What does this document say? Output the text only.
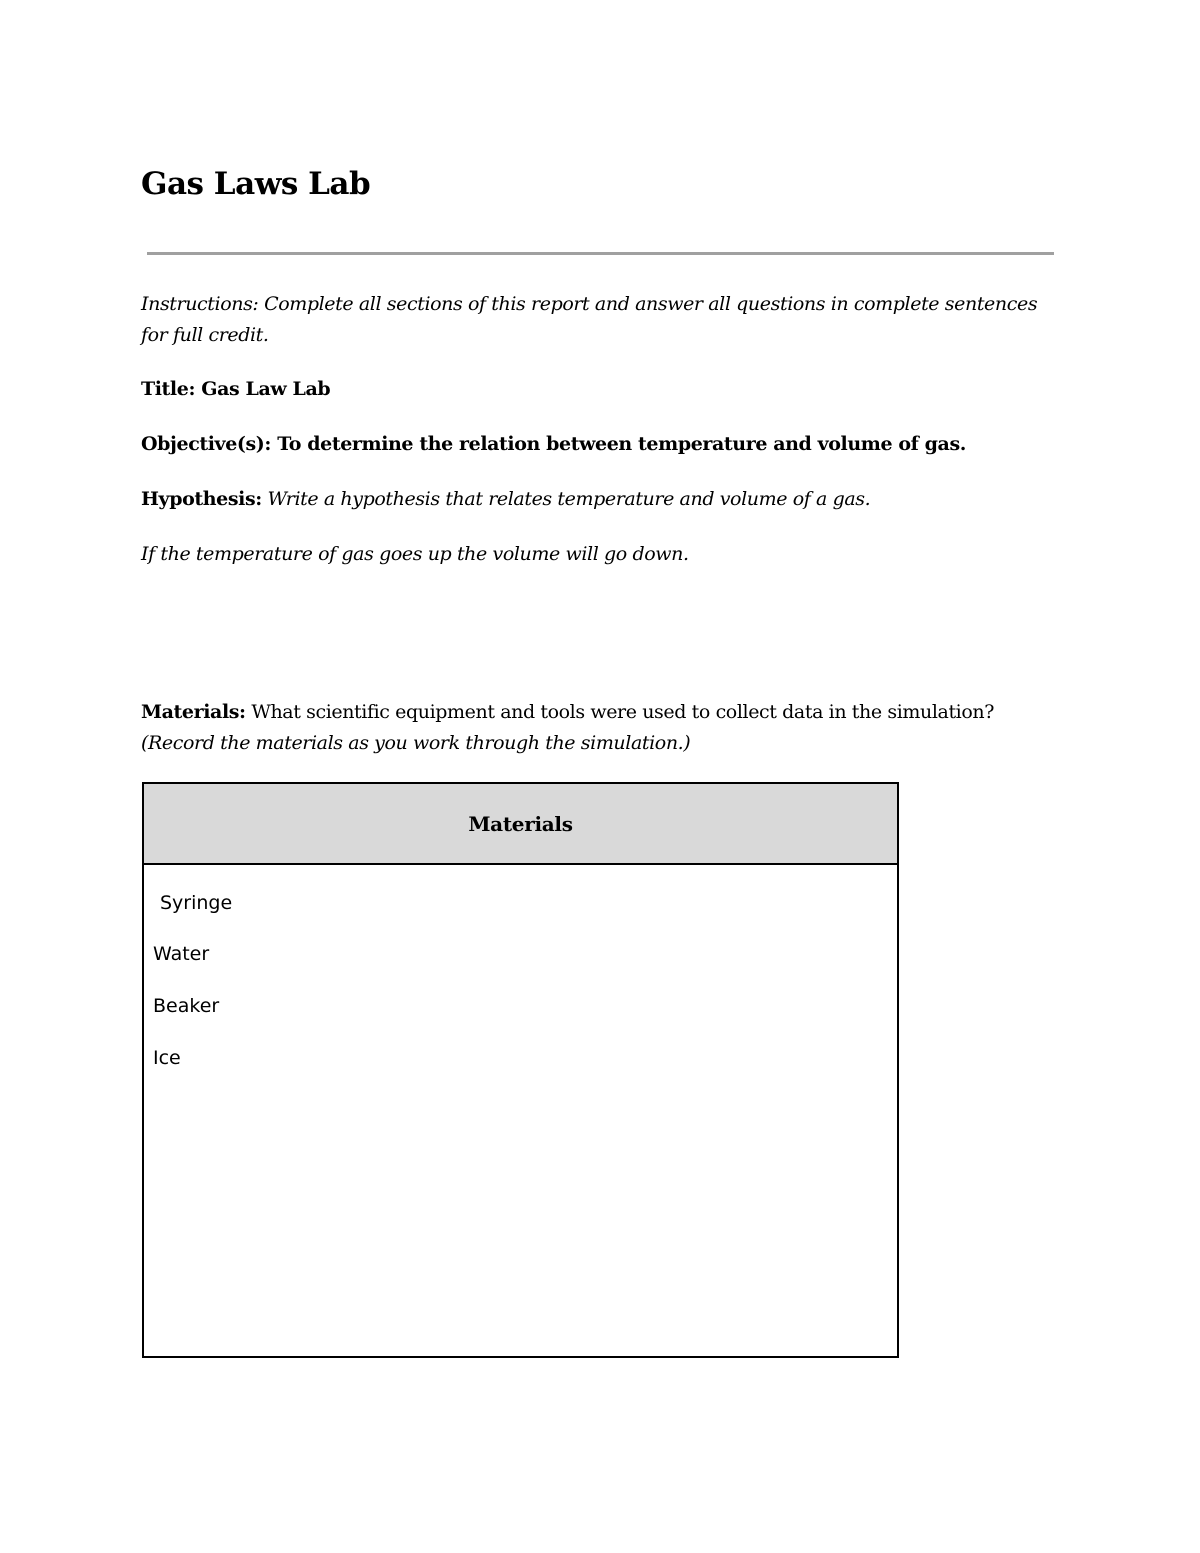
Gas Laws Lab

Instructions: Complete all sections of this report and answer all questions in complete sentences for full credit.

Title: Gas Law Lab

Objective(s): To determine the relation between temperature and volume of gas.

Hypothesis: Write a hypothesis that relates temperature and volume of a gas.

If the temperature of gas goes up the volume will go down.

Materials: What scientific equipment and tools were used to collect data in the simulation?
(Record the materials as you work through the simulation.)

Materials
Syringe
Water
Beaker
Ice
